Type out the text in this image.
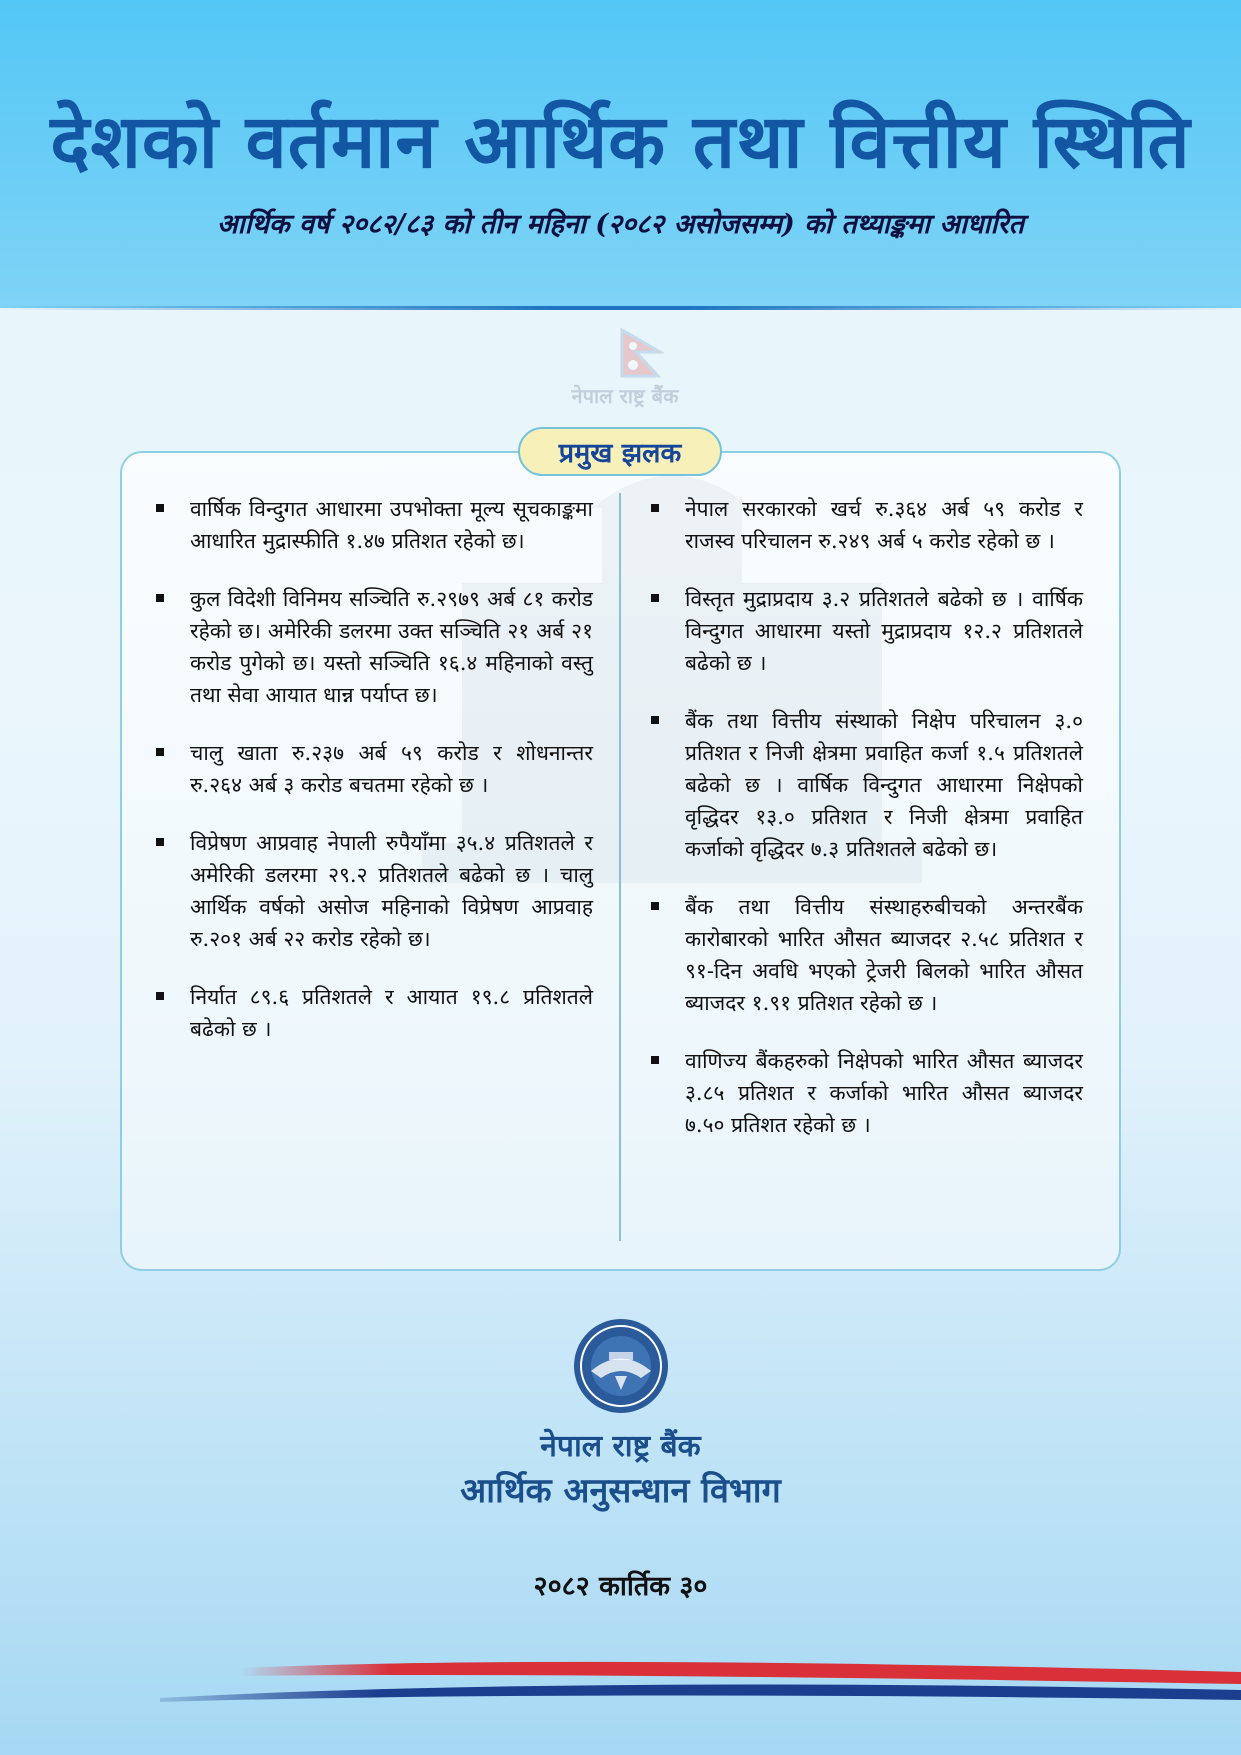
देशको वर्तमान आर्थिक तथा वित्तीय स्थिति
आर्थिक वर्ष २०८२/८३ को तीन महिना (२०८२ असोजसम्म) को तथ्याङ्कमा आधारित
नेपाल राष्ट्र बैंक
प्रमुख झलक
वार्षिक विन्दुगत आधारमा उपभोक्ता मूल्य सूचकाङ्कमा आधारित मुद्रास्फीति १.४७ प्रतिशत रहेको छ।
कुल विदेशी विनिमय सञ्चिति रु.२९७९ अर्ब ८१ करोड रहेको छ। अमेरिकी डलरमा उक्त सञ्चिति २१ अर्ब २१ करोड पुगेको छ। यस्तो सञ्चिति १६.४ महिनाको वस्तु तथा सेवा आयात धान्न पर्याप्त छ।
चालु खाता रु.२३७ अर्ब ५९ करोड र शोधनान्तर रु.२६४ अर्ब ३ करोड बचतमा रहेको छ ।
विप्रेषण आप्रवाह नेपाली रुपैयाँमा ३५.४ प्रतिशतले र अमेरिकी डलरमा २९.२ प्रतिशतले बढेको छ । चालु आर्थिक वर्षको असोज महिनाको विप्रेषण आप्रवाह रु.२०१ अर्ब २२ करोड रहेको छ।
निर्यात ८९.६ प्रतिशतले र आयात १९.८ प्रतिशतले बढेको छ ।
नेपाल सरकारको खर्च रु.३६४ अर्ब ५९ करोड र राजस्व परिचालन रु.२४९ अर्ब ५ करोड रहेको छ ।
विस्तृत मुद्राप्रदाय ३.२ प्रतिशतले बढेको छ । वार्षिक विन्दुगत आधारमा यस्तो मुद्राप्रदाय १२.२ प्रतिशतले बढेको छ ।
बैंक तथा वित्तीय संस्थाको निक्षेप परिचालन ३.० प्रतिशत र निजी क्षेत्रमा प्रवाहित कर्जा १.५ प्रतिशतले बढेको छ । वार्षिक विन्दुगत आधारमा निक्षेपको वृद्धिदर १३.० प्रतिशत र निजी क्षेत्रमा प्रवाहित कर्जाको वृद्धिदर ७.३ प्रतिशतले बढेको छ।
बैंक तथा वित्तीय संस्थाहरुबीचको अन्तरबैंक कारोबारको भारित औसत ब्याजदर २.५८ प्रतिशत र ९१-दिन अवधि भएको ट्रेजरी बिलको भारित औसत ब्याजदर १.९१ प्रतिशत रहेको छ ।
वाणिज्य बैंकहरुको निक्षेपको भारित औसत ब्याजदर ३.८५ प्रतिशत र कर्जाको भारित औसत ब्याजदर ७.५० प्रतिशत रहेको छ ।
नेपाल राष्ट्र बैंक
आर्थिक अनुसन्धान विभाग
२०८२ कार्तिक ३०
